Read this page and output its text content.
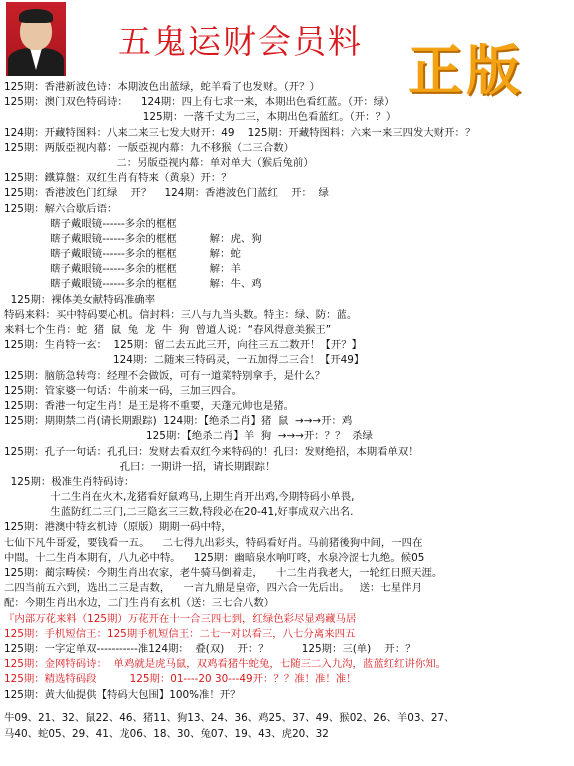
五鬼运财会员料 正版
125期：香港新波色诗：本期波色出蓝绿，蛇羊看了也发财。（开？）
125期：澳门双色特码诗：    124期：四上有七求一来，本期出色看红蓝。（开：绿）
125期：一落千丈为二三，本期出色看蓝红。（开：？）
124期：开藏特图料：八来二来三七发大财开：49    125期：开藏特图料：六来一来三四发大财开：？
125期：两版亞视内幕：一版亞视内幕：九不移猴（二三合数）
二：另版亞视内幕：单对单大（猴后兔前）
125期：鐵算盤：双红生肖有特来（黄泉）开：？
125期：香港波色门红绿    开？    124期：香港波色门蓝红    开：  绿
125期：解六合歇后语：
瞎子戴眼镜------多余的框框
瞎子戴眼镜------多余的框框          解：虎、狗
瞎子戴眼镜------多余的框框          解：蛇
瞎子戴眼镜------多余的框框          解：羊
瞎子戴眼镜------多余的框框          解：牛、鸡
125期：裸体美女献特码准确率
特码来料：买中特码要心机。信封料：三八与九当头数。特主：绿、防：蓝。
来料七个生肖：蛇  猪  鼠  兔  龙  牛  狗  曾道人说：“春风得意美猴王”
125期：生肖特一玄：  125期：留二去五此三开，向往三五二数开！【开？】
124期：二随来三特码灵，一五加得二三合！【开49】
125期：脑筋急转弯：经理不会做饭，可有一道菜特别拿手，是什么？
125期：管家婆一句话：牛前来一码，三加三四合。
125期：香港一句定生肖！是王是将不重要，天蓬元帅也是猪。
125期：期期禁二肖(请长期跟踪)  124期：【绝杀二肖】猪  鼠  →→→开：鸡
125期：【绝杀二肖】羊  狗  →→→开：？？  杀绿
125期：孔子一句话：孔孔曰：发财去看双红今来特码的！孔曰：发财绝招，本期看单双！
孔曰：一期讲一招，请长期跟踪！
125期：极准生肖特码诗：
十二生肖在火木,龙猪看好鼠鸡马,上期生肖开出鸡,今期特码小单畏,
生蓝防红二三门,二三隐玄三三数,特段必在20-41,好事成双六出名.
125期：港澳中特玄机诗（原版）期期一码中特，
七仙下凡牛哥爱，要钱看一五。    二七得九出彩头，特码看好肖。马前猪後狗中间，一四在
中間。十二生肖本期有，八九必中特。    125期：幽暗泉水响叮咚，水泉冷涩七九绝。候05
125期：蔺宗畴侯：今期生肖出农家，老牛骑马倒着走，    十二生肖我老大，一轮红日照天涯。
二四当前五六到，选出二三是吉数，    一言九鼎是皇帝，四六合一先后出。   送：七星伴月
配：今期生肖出水边，二门生肖有玄机（送：三七合八数）
『内部万花来料（125期）万花开在十一合三四七到，红绿色彩尽显鸡藏马居
125期：手机短信王：125期手机短信王：二七一对以看三，八七分离来四五
125期：一字定单双-----------准124期：  叠(双)    开：？          125期：三(单)    开：？
125期：金网特码诗：  单鸡就是虎马鼠，双鸡看猪牛蛇兔，七随三二入九沟，蓝蓝红红讲你知。
125期：精选特码段          125期：01----20 30---49开：？？准！准！准！
125期：黄大仙提供【特码大包围】100%准！开？
牛09、21、32、鼠22、46、猪11、狗13、24、36、鸡25、37、49、猴02、26、羊03、27、
马40、蛇05、29、41、龙06、18、30、兔07、19、43、虎20、32
